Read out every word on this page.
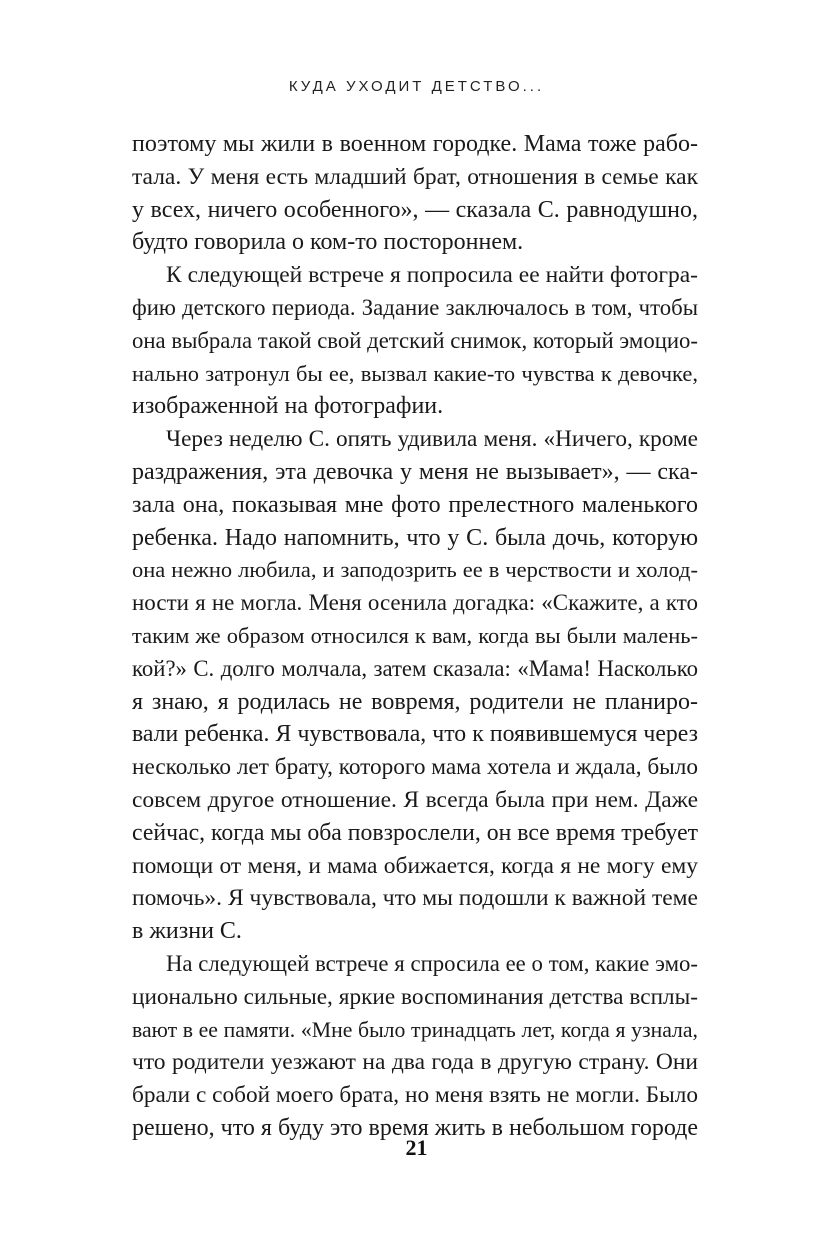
КУДА УХОДИТ ДЕТСТВО...
поэтому мы жили в военном городке. Мама тоже рабо-
тала. У меня есть младший брат, отношения в семье как
у всех, ничего особенного», — сказала С. равнодушно,
будто говорила о ком-то постороннем.
К следующей встрече я попросила ее найти фотогра-
фию детского периода. Задание заключалось в том, чтобы
она выбрала такой свой детский снимок, который эмоцио-
нально затронул бы ее, вызвал какие-то чувства к девочке,
изображенной на фотографии.
Через неделю С. опять удивила меня. «Ничего, кроме
раздражения, эта девочка у меня не вызывает», — ска-
зала она, показывая мне фото прелестного маленького
ребенка. Надо напомнить, что у С. была дочь, которую
она нежно любила, и заподозрить ее в черствости и холод-
ности я не могла. Меня осенила догадка: «Скажите, а кто
таким же образом относился к вам, когда вы были малень-
кой?» С. долго молчала, затем сказала: «Мама! Насколько
я знаю, я родилась не вовремя, родители не планиро-
вали ребенка. Я чувствовала, что к появившемуся через
несколько лет брату, которого мама хотела и ждала, было
совсем другое отношение. Я всегда была при нем. Даже
сейчас, когда мы оба повзрослели, он все время требует
помощи от меня, и мама обижается, когда я не могу ему
помочь». Я чувствовала, что мы подошли к важной теме
в жизни С.
На следующей встрече я спросила ее о том, какие эмо-
ционально сильные, яркие воспоминания детства всплы-
вают в ее памяти. «Мне было тринадцать лет, когда я узнала,
что родители уезжают на два года в другую страну. Они
брали с собой моего брата, но меня взять не могли. Было
решено, что я буду это время жить в небольшом городе
21
